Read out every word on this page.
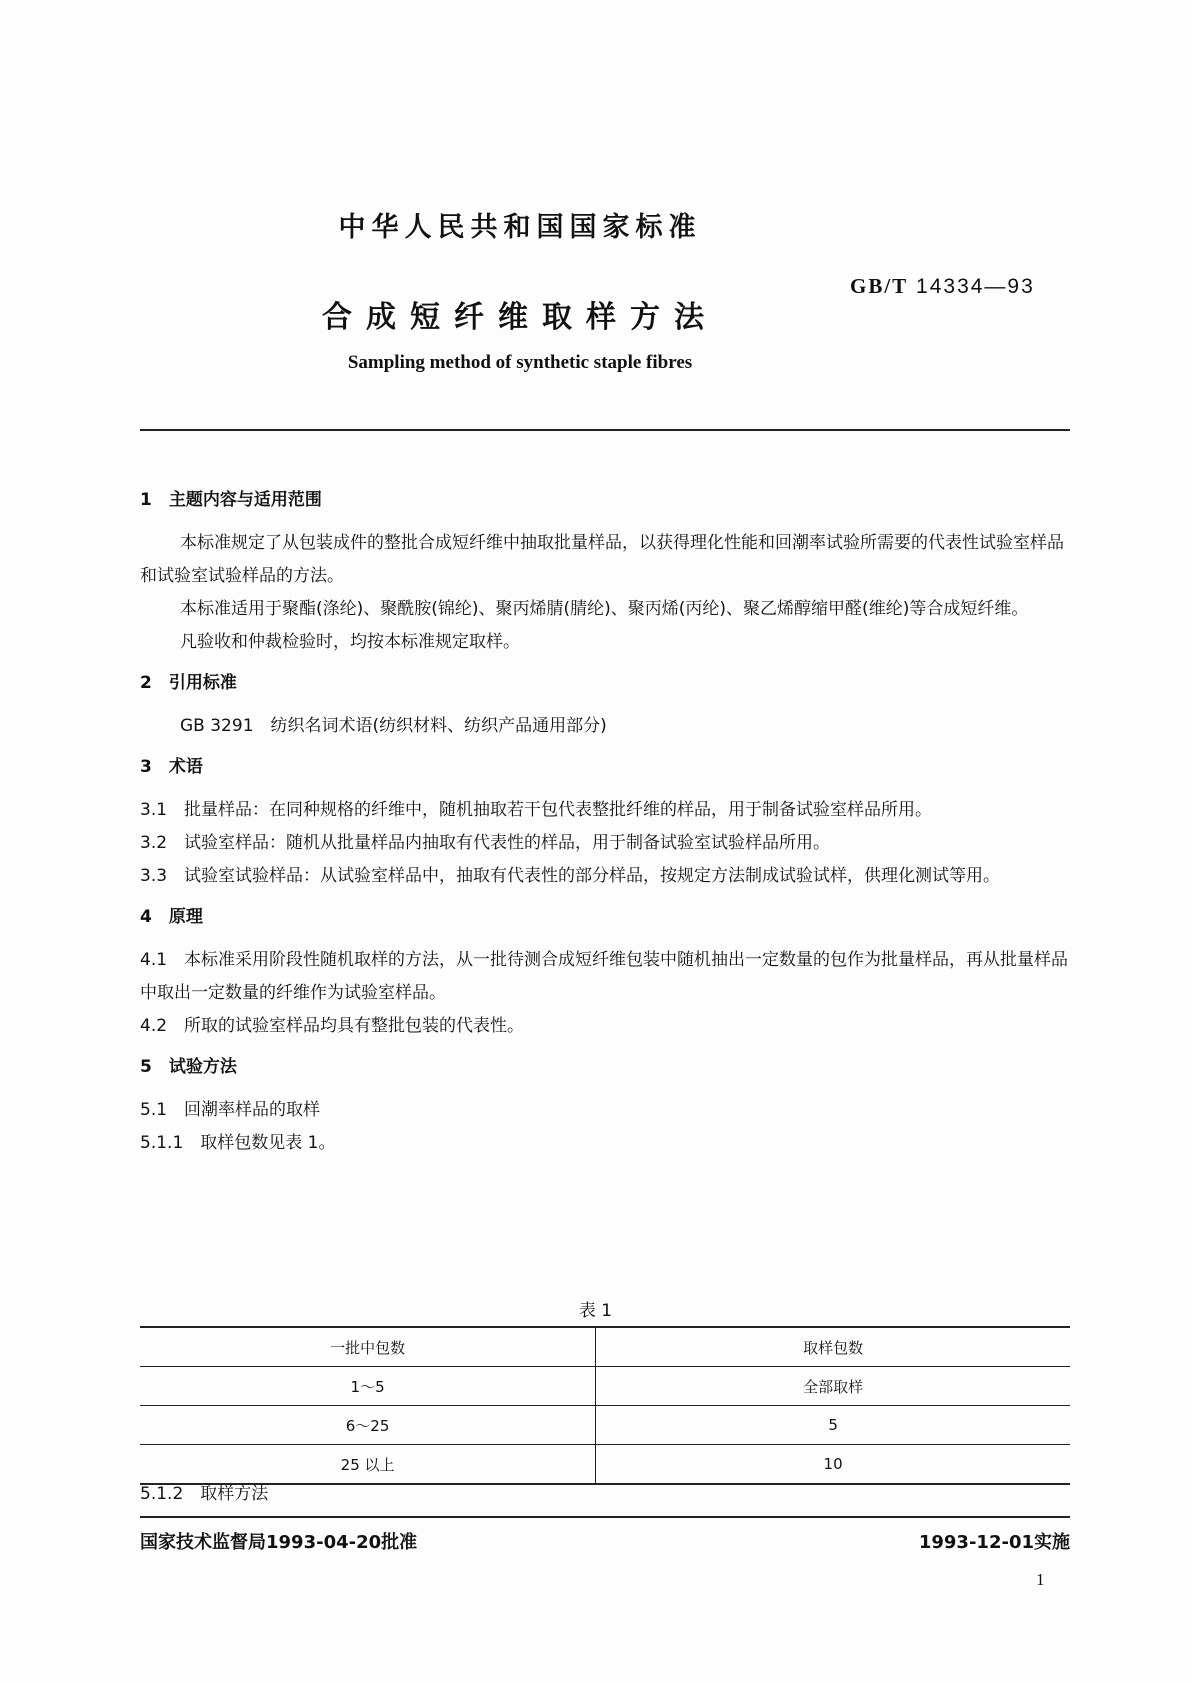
中华人民共和国国家标准
GB/T 14334—93
合成短纤维取样方法
Sampling method of synthetic staple fibres
1　主题内容与适用范围
本标准规定了从包装成件的整批合成短纤维中抽取批量样品，以获得理化性能和回潮率试验所需要的代表性试验室样品和试验室试验样品的方法。
本标准适用于聚酯(涤纶)、聚酰胺(锦纶)、聚丙烯腈(腈纶)、聚丙烯(丙纶)、聚乙烯醇缩甲醛(维纶)等合成短纤维。
凡验收和仲裁检验时，均按本标准规定取样。
2　引用标准
GB 3291　纺织名词术语(纺织材料、纺织产品通用部分)
3　术语
3.1　批量样品：在同种规格的纤维中，随机抽取若干包代表整批纤维的样品，用于制备试验室样品所用。
3.2　试验室样品：随机从批量样品内抽取有代表性的样品，用于制备试验室试验样品所用。
3.3　试验室试验样品：从试验室样品中，抽取有代表性的部分样品，按规定方法制成试验试样，供理化测试等用。
4　原理
4.1　本标准采用阶段性随机取样的方法，从一批待测合成短纤维包装中随机抽出一定数量的包作为批量样品，再从批量样品中取出一定数量的纤维作为试验室样品。
4.2　所取的试验室样品均具有整批包装的代表性。
5　试验方法
5.1　回潮率样品的取样
5.1.1　取样包数见表 1。
表 1
一批中包数	取样包数
1～5	全部取样
6～25	5
25 以上	10
5.1.2　取样方法
国家技术监督局1993-04-20批准	1993-12-01实施
1
